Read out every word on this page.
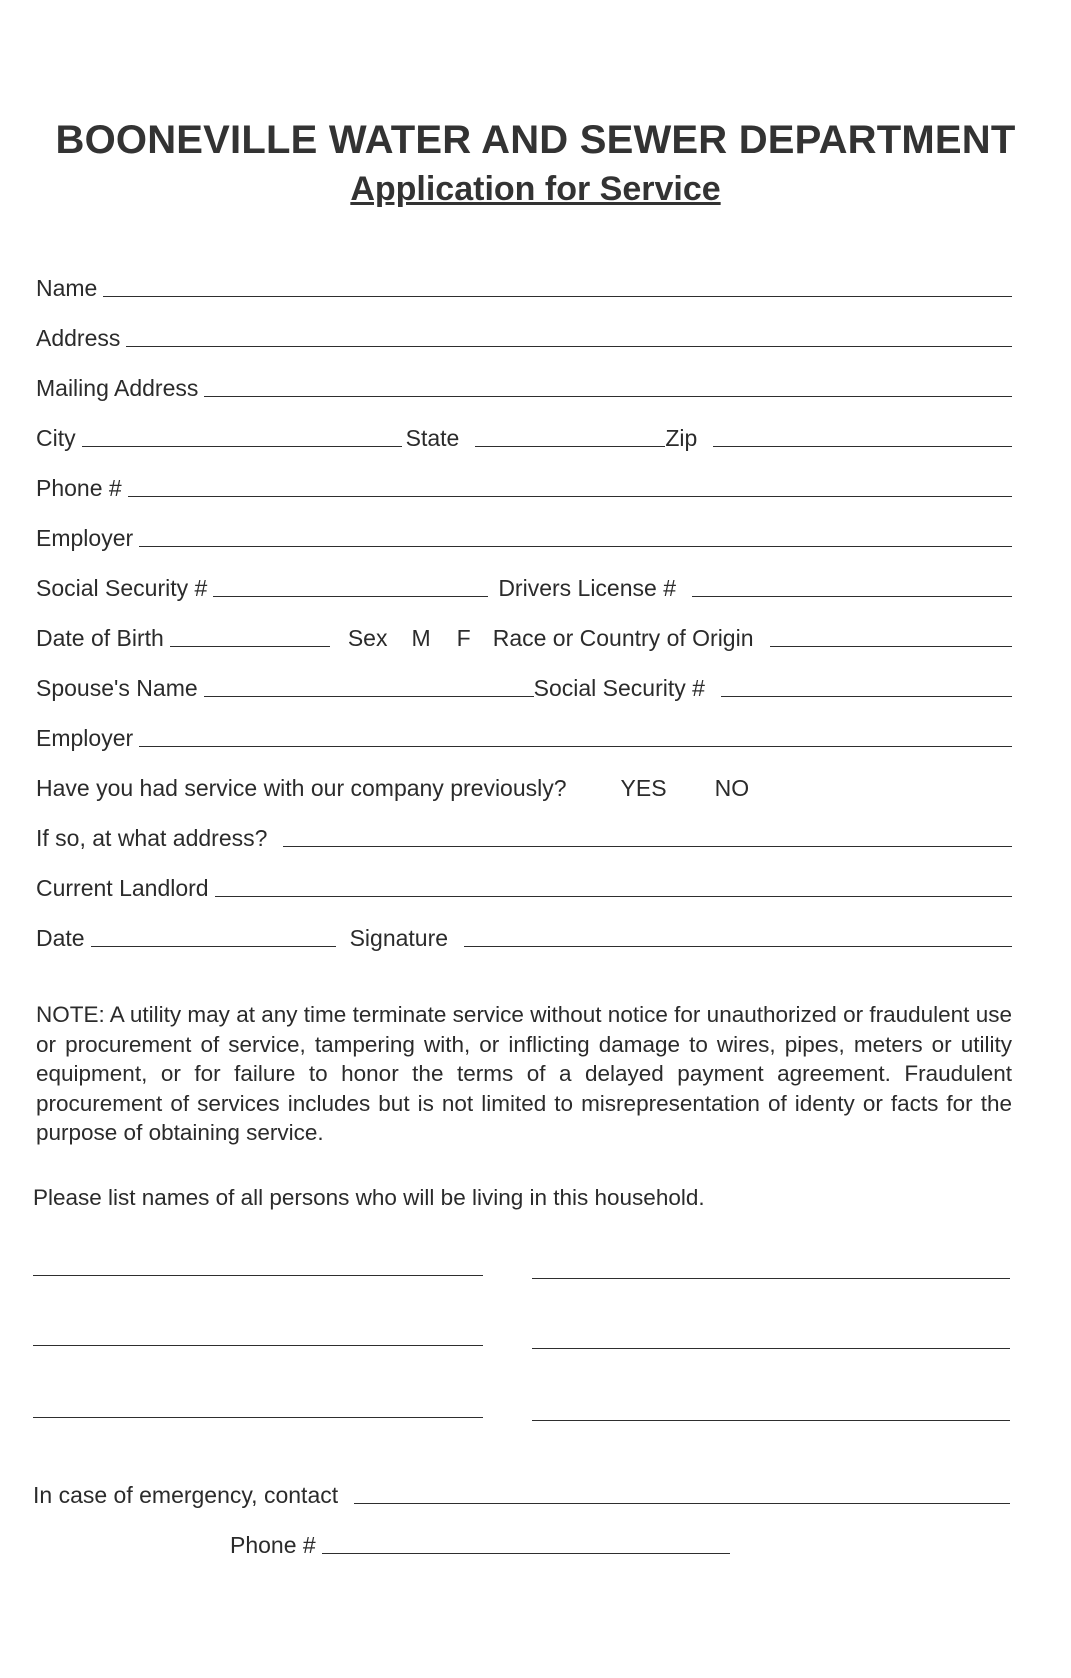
BOONEVILLE WATER AND SEWER DEPARTMENT
Application for Service
Name
Address
Mailing Address
City	State	Zip
Phone #
Employer
Social Security #	Drivers License #
Date of Birth	Sex M F Race or Country of Origin
Spouse's Name	Social Security #
Employer
Have you had service with our company previously? YES NO
If so, at what address?
Current Landlord
Date	Signature
NOTE: A utility may at any time terminate service without notice for unauthorized or fraudulent use or procurement of service, tampering with, or inflicting damage to wires, pipes, meters or utility equipment, or for failure to honor the terms of a delayed payment agreement. Fraudulent procurement of services includes but is not limited to misrepresentation of identy or facts for the purpose of obtaining service.
Please list names of all persons who will be living in this household.
In case of emergency, contact
Phone #
